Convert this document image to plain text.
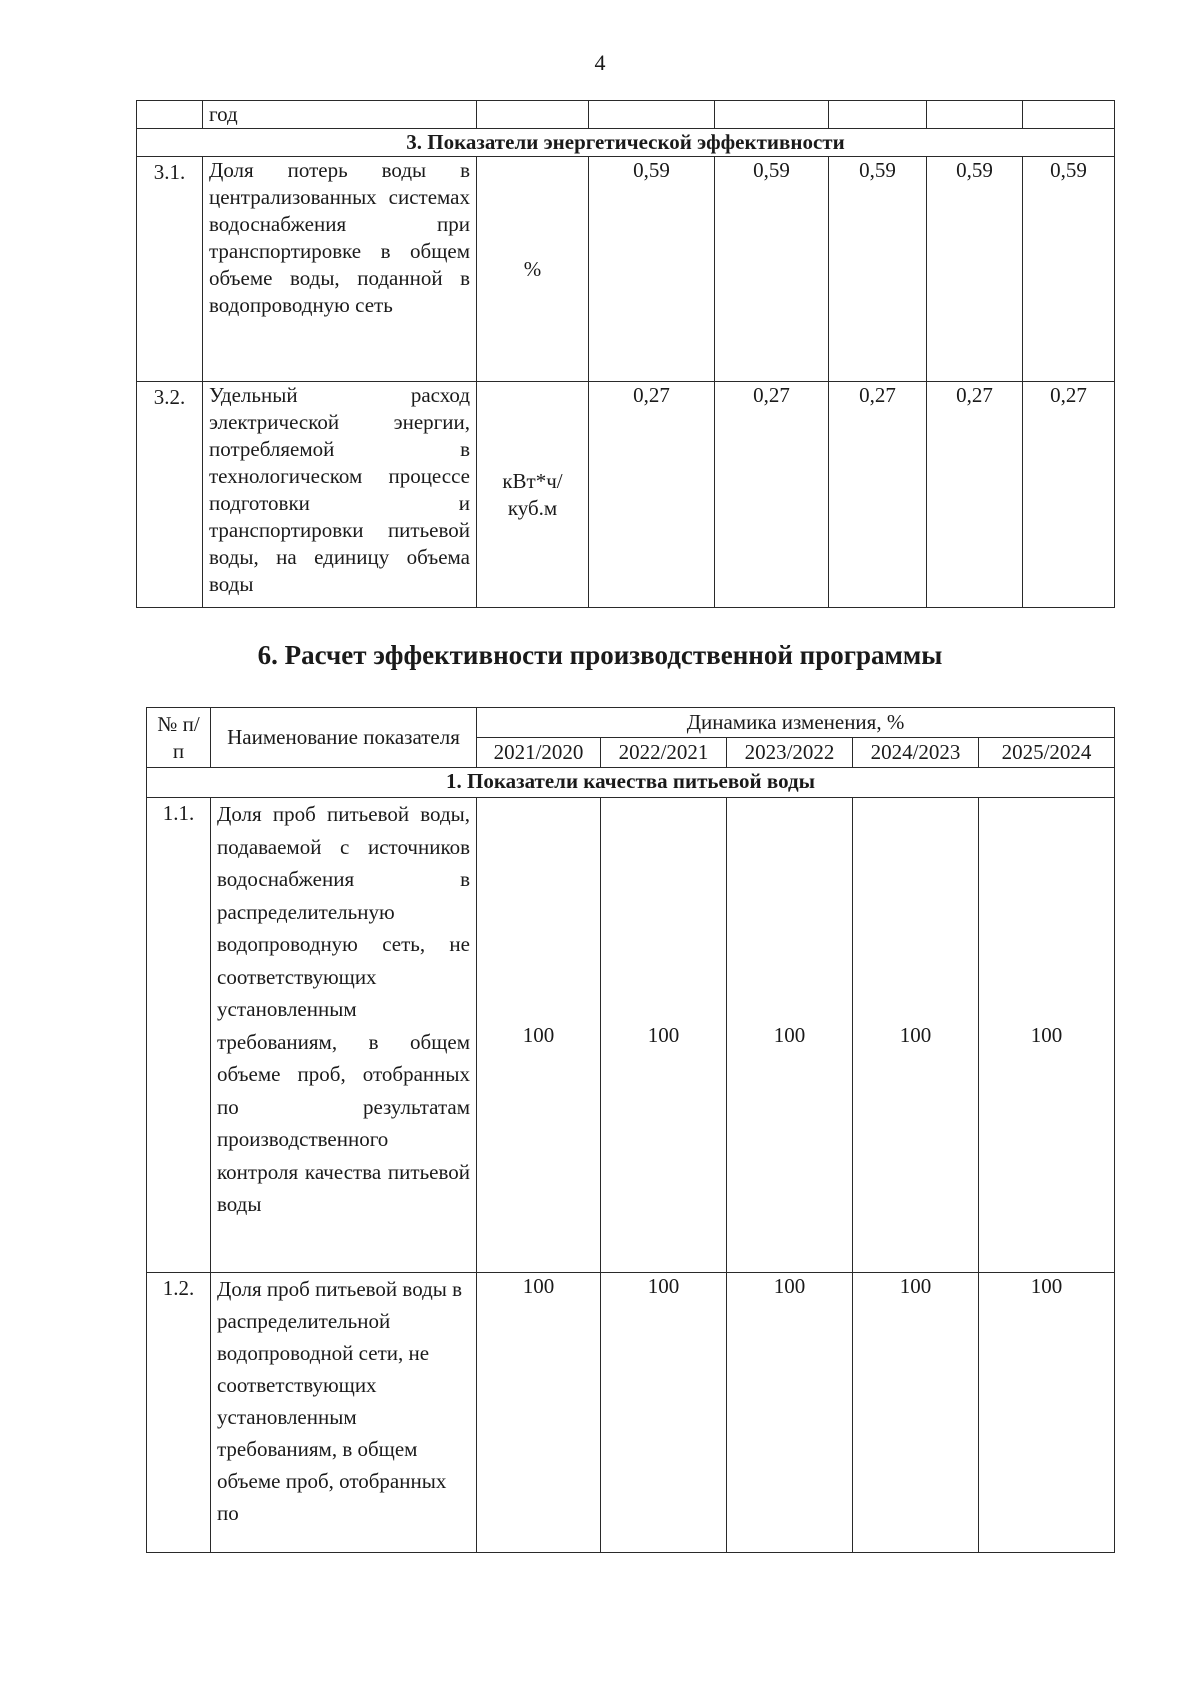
4
	год						
3. Показатели энергетической эффективности							
3.1.	Доля потерь воды в централизованных системах водоснабжения при транспортировке в общем объеме воды, поданной в водопроводную сеть	%	0,59	0,59	0,59	0,59	0,59
3.2.	Удельный расход электрической энергии, потребляемой в технологическом процессе подготовки и транспортировки питьевой воды, на единицу объема воды	кВт*ч/ куб.м	0,27	0,27	0,27	0,27	0,27
6. Расчет эффективности производственной программы
№ п/п	Наименование показателя	Динамика изменения, %				
		2021/2020	2022/2021	2023/2022	2024/2023	2025/2024
1. Показатели качества питьевой воды						
1.1.	Доля проб питьевой воды, подаваемой с источников водоснабжения в распределительную водопроводную сеть, не соответствующих установленным требованиям, в общем объеме проб, отобранных по результатам производственного контроля качества питьевой воды	100	100	100	100	100
1.2.	Доля проб питьевой воды в распределительной водопроводной сети, не соответствующих установленным требованиям, в общем объеме проб, отобранных по	100	100	100	100	100
